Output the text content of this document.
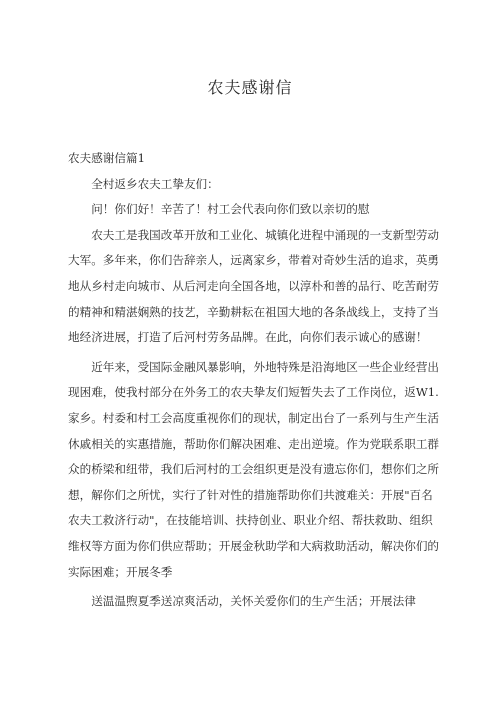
农夫感谢信

农夫感谢信篇1

全村返乡农夫工挚友们：

问！你们好！辛苦了！村工会代表向你们致以亲切的慰

农夫工是我国改革开放和工业化、城镇化进程中涌现的一支新型劳动大军。多年来，你们告辞亲人，远离家乡，带着对奇妙生活的追求，英勇地从乡村走向城市、从后河走向全国各地，以淳朴和善的品行、吃苦耐劳的精神和精湛娴熟的技艺，辛勤耕耘在祖国大地的各条战线上，支持了当地经济进展，打造了后河村劳务品牌。在此，向你们表示诚心的感谢！

近年来，受国际金融风暴影响，外地特殊是沿海地区一些企业经营出现困难，使我村部分在外务工的农夫挚友们短暂失去了工作岗位，返W1.家乡。村委和村工会高度重视你们的现状，制定出台了一系列与生产生活休戚相关的实惠措施，帮助你们解决困难、走出逆境。作为党联系职工群众的桥梁和纽带，我们后河村的工会组织更是没有遗忘你们，想你们之所想，解你们之所忧，实行了针对性的措施帮助你们共渡难关：开展"百名农夫工救济行动"，在技能培训、扶持创业、职业介绍、帮扶救助、组织维权等方面为你们供应帮助；开展金秋助学和大病救助活动，解决你们的实际困难；开展冬季

送温温煦夏季送凉爽活动，关怀关爱你们的生产生活；开展法律
